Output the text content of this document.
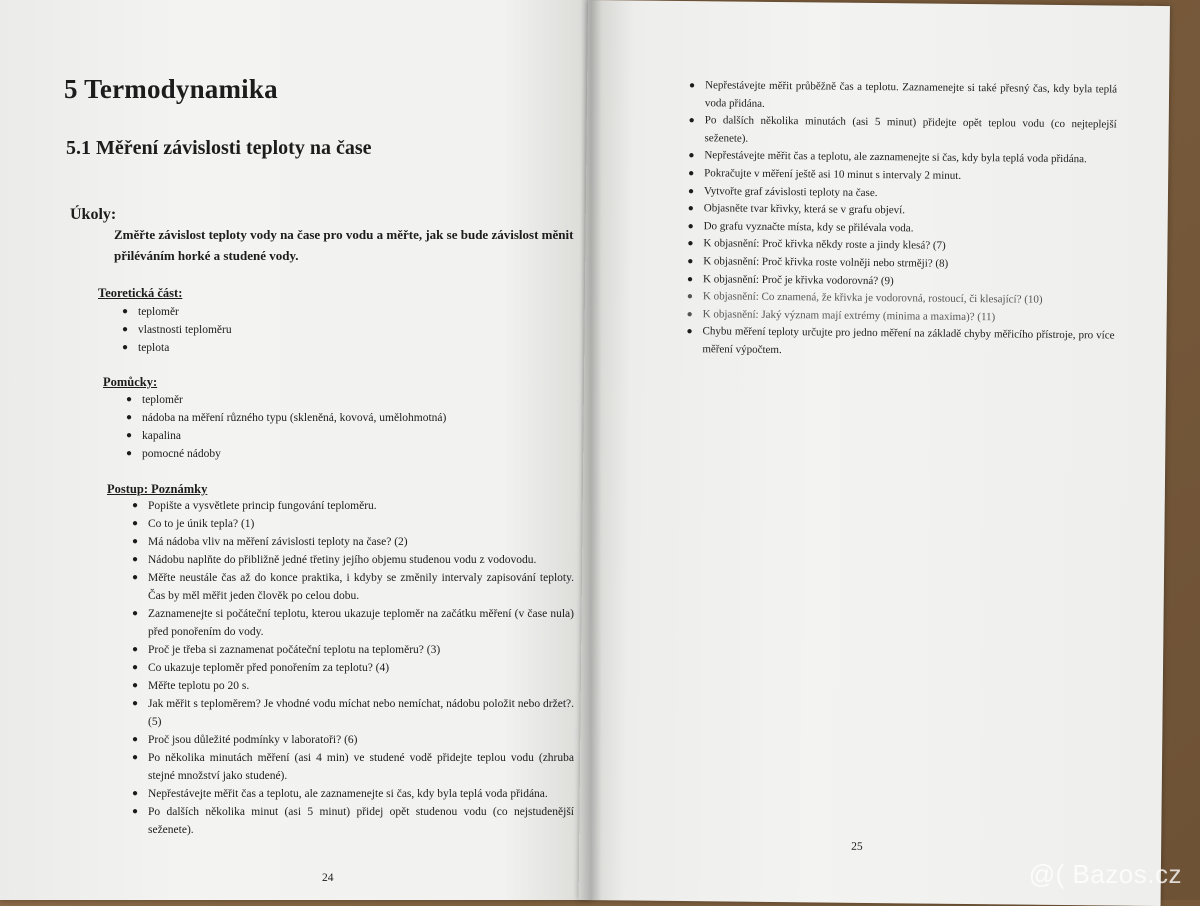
5 Termodynamika
5.1 Měření závislosti teploty na čase
Úkoly:

Změřte závislost teploty vody na čase pro vodu a měřte, jak se bude závislost měnit přiléváním horké a studené vody.

Teoretická část:
● teploměr
● vlastnosti teploměru
● teplota
Pomůcky:
● teploměr
● nádoba na měření různého typu (skleněná, kovová, umělohmotná)
● kapalina
● pomocné nádoby
Postup: Poznámky
● Popište a vysvětlete princip fungování teploměru.
● Co to je únik tepla? (1)
● Má nádoba vliv na měření závislosti teploty na čase? (2)
● Nádobu naplňte do přibližně jedné třetiny jejího objemu studenou vodu z vodovodu.
● Měřte neustále čas až do konce praktika, i kdyby se změnily intervaly zapisování teploty. Čas by měl měřit jeden člověk po celou dobu.
● Zaznamenejte si počáteční teplotu, kterou ukazuje teploměr na začátku měření (v čase nula) před ponořením do vody.
● Proč je třeba si zaznamenat počáteční teplotu na teploměru? (3)
● Co ukazuje teploměr před ponořením za teplotu? (4)
● Měřte teplotu po 20 s.
● Jak měřit s teploměrem? Je vhodné vodu míchat nebo nemíchat, nádobu položit nebo držet?.(5)
● Proč jsou důležité podmínky v laboratoři? (6)
● Po několika minutách měření (asi 4 min) ve studené vodě přidejte teplou vodu (zhruba stejné množství jako studené).
● Nepřestávejte měřit čas a teplotu, ale zaznamenejte si čas, kdy byla teplá voda přidána.
● Po dalších několika minut (asi 5 minut) přidej opět studenou vodu (co nejstudenější seženete).
24
● Nepřestávejte měřit průběžně čas a teplotu. Zaznamenejte si také přesný čas, kdy byla teplá voda přidána.
● Po dalších několika minutách (asi 5 minut) přidejte opět teplou vodu (co nejteplejší seženete).
● Nepřestávejte měřit čas a teplotu, ale zaznamenejte si čas, kdy byla teplá voda přidána.
● Pokračujte v měření ještě asi 10 minut s intervaly 2 minut.
● Vytvořte graf závislosti teploty na čase.
● Objasněte tvar křivky, která se v grafu objeví.
● Do grafu vyznačte místa, kdy se přilévala voda.
● K objasnění: Proč křivka někdy roste a jindy klesá? (7)
● K objasnění: Proč křivka roste volněji nebo strměji? (8)
● K objasnění: Proč je křivka vodorovná? (9)
● K objasnění: Co znamená, že křivka je vodorovná, rostoucí, či klesající? (10)
● K objasnění: Jaký význam mají extrémy (minima a maxima)? (11)
● Chybu měření teploty určujte pro jedno měření na základě chyby měřicího přístroje, pro více měření výpočtem.
25
@( Bazos.cz
